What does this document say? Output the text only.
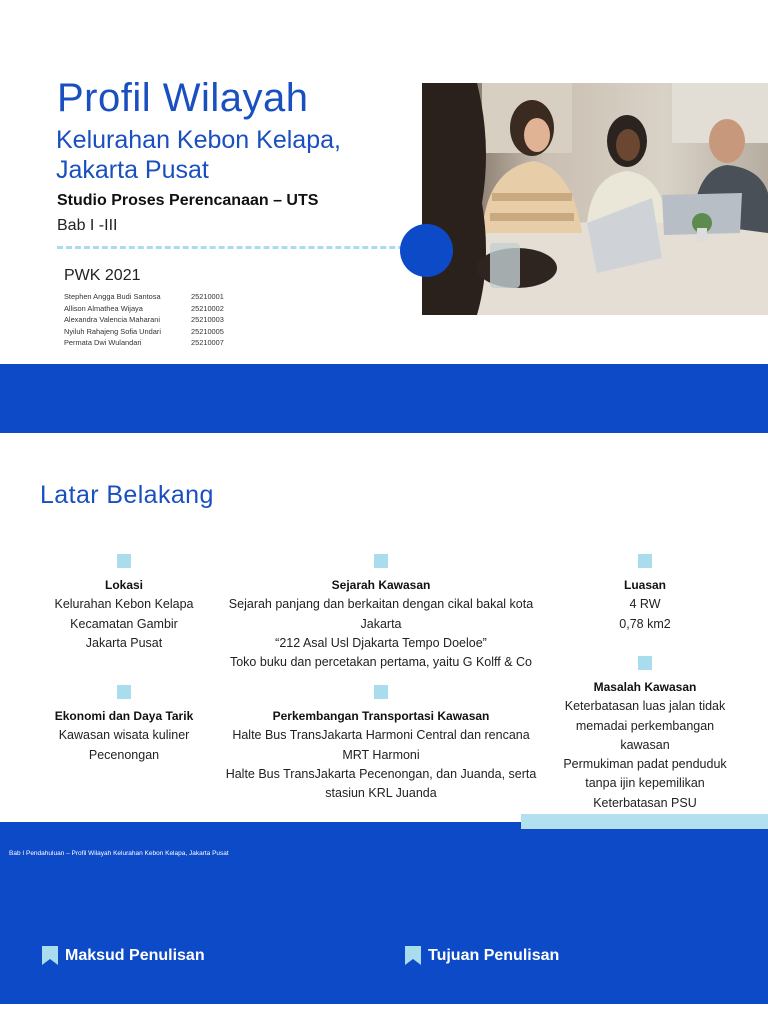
Profil Wilayah
Kelurahan Kebon Kelapa, Jakarta Pusat
Studio Proses Perencanaan – UTS
Bab I -III
PWK 2021
Stephen Angga Budi Santosa	25210001
Allison Almathea Wijaya	25210002
Alexandra Valencia Maharani	25210003
Nyiluh Rahajeng Sofia Undari	25210005
Permata Dwi Wulandari	25210007
Latar Belakang
Lokasi
Kelurahan Kebon Kelapa
Kecamatan Gambir
Jakarta Pusat
Ekonomi dan Daya Tarik
Kawasan wisata kuliner
Pecenongan
Sejarah Kawasan
Sejarah panjang dan berkaitan dengan cikal bakal kota
Jakarta
“212 Asal Usl Djakarta Tempo Doeloe”
Toko buku dan percetakan pertama, yaitu G Kolff & Co
Perkembangan Transportasi Kawasan
Halte Bus TransJakarta Harmoni Central dan rencana
MRT Harmoni
Halte Bus TransJakarta Pecenongan, dan Juanda, serta
stasiun KRL Juanda
Luasan
4 RW
0,78 km2
Masalah Kawasan
Keterbatasan luas jalan tidak
memadai perkembangan
kawasan
Permukiman padat penduduk
tanpa ijin kepemilikan
Keterbatasan PSU
Bab I Pendahuluan – Profil Wilayah Kelurahan Kebon Kelapa, Jakarta Pusat
Maksud Penulisan	Tujuan Penulisan
